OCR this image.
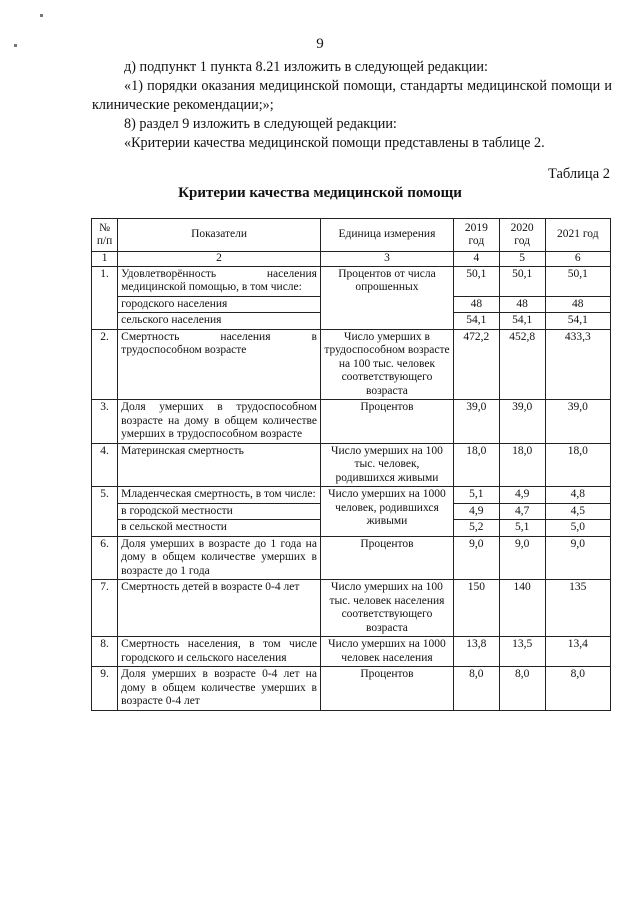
9
д) подпункт 1 пункта 8.21 изложить в следующей редакции:
«1) порядки оказания медицинской помощи, стандарты медицинской помощи и клинические рекомендации;»;
8) раздел 9 изложить в следующей редакции:
«Критерии качества медицинской помощи представлены в таблице 2.
Таблица 2
Критерии качества медицинской помощи
№ п/п	Показатели	Единица измерения	2019 год	2020 год	2021 год
1	2	3	4	5	6
1.	Удовлетворённость населения медицинской помощью, в том числе:	Процентов от числа опрошенных	50,1	50,1	50,1
	городского населения		48	48	48
	сельского населения		54,1	54,1	54,1
2.	Смертность населения в трудоспособном возрасте	Число умерших в трудоспособном возрасте на 100 тыс. человек соответствующего возраста	472,2	452,8	433,3
3.	Доля умерших в трудоспособном возрасте на дому в общем количестве умерших в трудоспособном возрасте	Процентов	39,0	39,0	39,0
4.	Материнская смертность	Число умерших на 100 тыс. человек, родившихся живыми	18,0	18,0	18,0
5.	Младенческая смертность, в том числе:	Число умерших на 1000 человек, родившихся живыми	5,1	4,9	4,8
	в городской местности		4,9	4,7	4,5
	в сельской местности		5,2	5,1	5,0
6.	Доля умерших в возрасте до 1 года на дому в общем количестве умерших в возрасте до 1 года	Процентов	9,0	9,0	9,0
7.	Смертность детей в возрасте 0-4 лет	Число умерших на 100 тыс. человек населения соответствующего возраста	150	140	135
8.	Смертность населения, в том числе городского и сельского населения	Число умерших на 1000 человек населения	13,8	13,5	13,4
9.	Доля умерших в возрасте 0-4 лет на дому в общем количестве умерших в возрасте 0-4 лет	Процентов	8,0	8,0	8,0
